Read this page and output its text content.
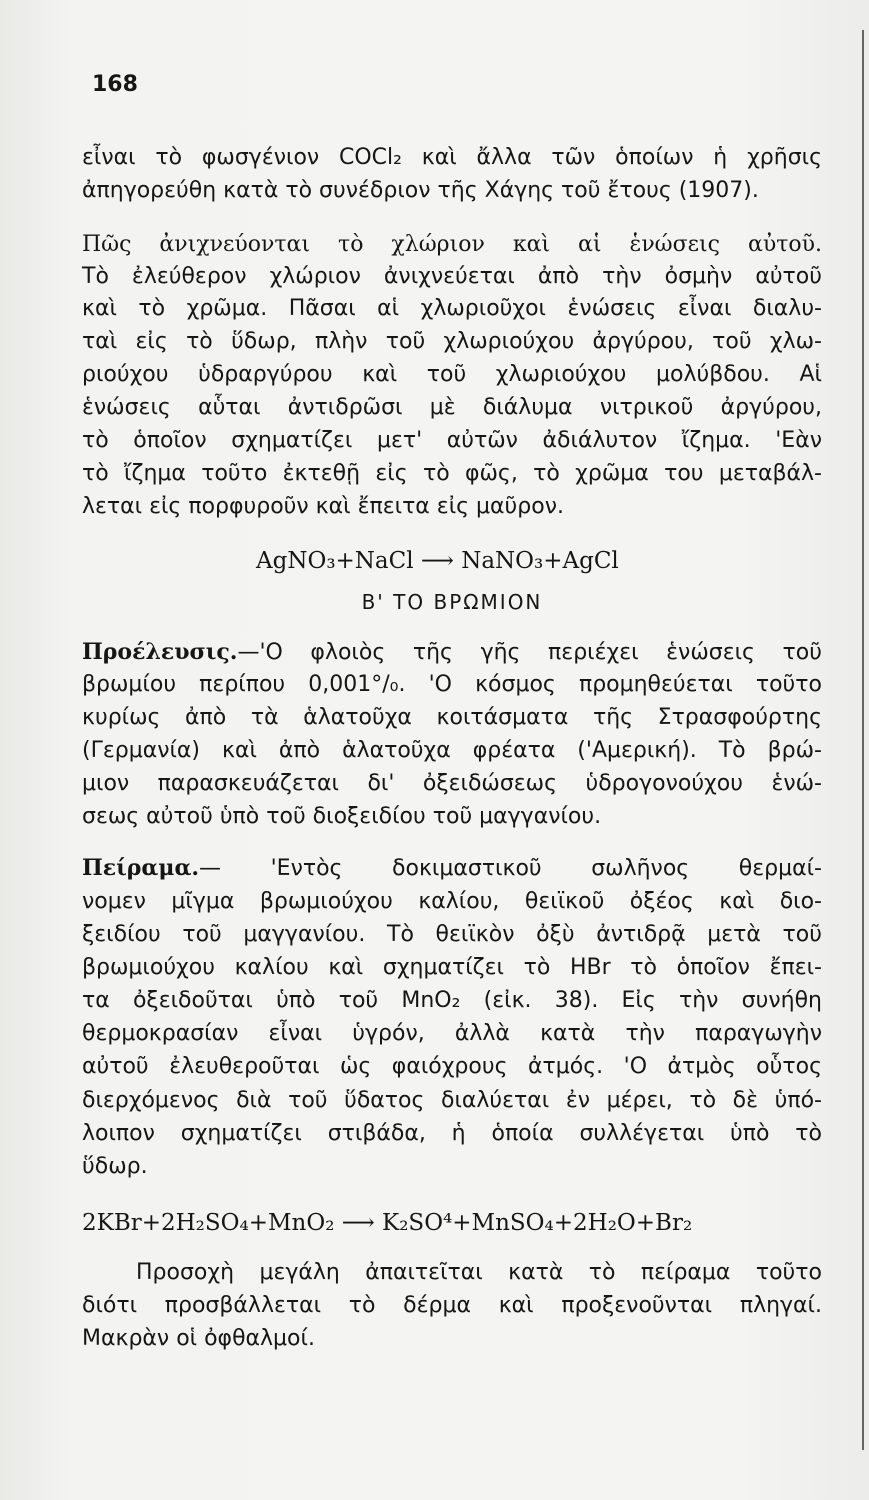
168
εἶναι τὸ φωσγένιον COCl₂ καὶ ἄλλα τῶν ὁποίων ἡ χρῆσις
ἀπηγορεύθη κατὰ τὸ συνέδριον τῆς Χάγης τοῦ ἔτους (1907).
Πῶς ἀνιχνεύονται τὸ χλώριον καὶ αἱ ἑνώσεις αὐτοῦ.
Τὸ ἐλεύθερον χλώριον ἀνιχνεύεται ἀπὸ τὴν ὀσμὴν αὐτοῦ
καὶ τὸ χρῶμα. Πᾶσαι αἱ χλωριοῦχοι ἑνώσεις εἶναι διαλυ-
ταὶ εἰς τὸ ὕδωρ, πλὴν τοῦ χλωριούχου ἀργύρου, τοῦ χλω-
ριούχου ὑδραργύρου καὶ τοῦ χλωριούχου μολύβδου. Αἱ
ἑνώσεις αὗται ἀντιδρῶσι μὲ διάλυμα νιτρικοῦ ἀργύρου,
τὸ ὁποῖον σχηματίζει μετ' αὐτῶν ἀδιάλυτον ἴζημα. 'Εὰν
τὸ ἴζημα τοῦτο ἐκτεθῇ εἰς τὸ φῶς, τὸ χρῶμα του μεταβάλ-
λεται εἰς πορφυροῦν καὶ ἔπειτα εἰς μαῦρον.
AgNO₃+NaCl ⟶ NaNO₃+AgCl
Β' ΤΟ ΒΡΩΜΙΟΝ
Προέλευσις.—'Ο φλοιὸς τῆς γῆς περιέχει ἑνώσεις τοῦ
βρωμίου περίπου 0,001°/₀. 'Ο κόσμος προμηθεύεται τοῦτο
κυρίως ἀπὸ τὰ ἁλατοῦχα κοιτάσματα τῆς Στρασφούρτης
(Γερμανία) καὶ ἀπὸ ἁλατοῦχα φρέατα ('Αμερική). Τὸ βρώ-
μιον παρασκευάζεται δι' ὀξειδώσεως ὑδρογονούχου ἑνώ-
σεως αὐτοῦ ὑπὸ τοῦ διοξειδίου τοῦ μαγγανίου.
Πείραμα.— 'Εντὸς δοκιμαστικοῦ σωλῆνος θερμαί-
νομεν μῖγμα βρωμιούχου καλίου, θειϊκοῦ ὀξέος καὶ διο-
ξειδίου τοῦ μαγγανίου. Τὸ θειϊκὸν ὀξὺ ἀντιδρᾷ μετὰ τοῦ
βρωμιούχου καλίου καὶ σχηματίζει τὸ HBr τὸ ὁποῖον ἔπει-
τα ὀξειδοῦται ὑπὸ τοῦ MnO₂ (εἰκ. 38). Εἰς τὴν συνήθη
θερμοκρασίαν εἶναι ὑγρόν, ἀλλὰ κατὰ τὴν παραγωγὴν
αὐτοῦ ἐλευθεροῦται ὡς φαιόχρους ἀτμός. 'Ο ἀτμὸς οὗτος
διερχόμενος διὰ τοῦ ὕδατος διαλύεται ἐν μέρει, τὸ δὲ ὑπό-
λοιπον σχηματίζει στιβάδα, ἡ ὁποία συλλέγεται ὑπὸ τὸ
ὕδωρ.
2KBr+2H₂SO₄+MnO₂ ⟶ K₂SO⁴+MnSO₄+2H₂O+Br₂
Προσοχὴ μεγάλη ἀπαιτεῖται κατὰ τὸ πείραμα τοῦτο
διότι προσβάλλεται τὸ δέρμα καὶ προξενοῦνται πληγαί.
Μακρὰν οἱ ὀφθαλμοί.
